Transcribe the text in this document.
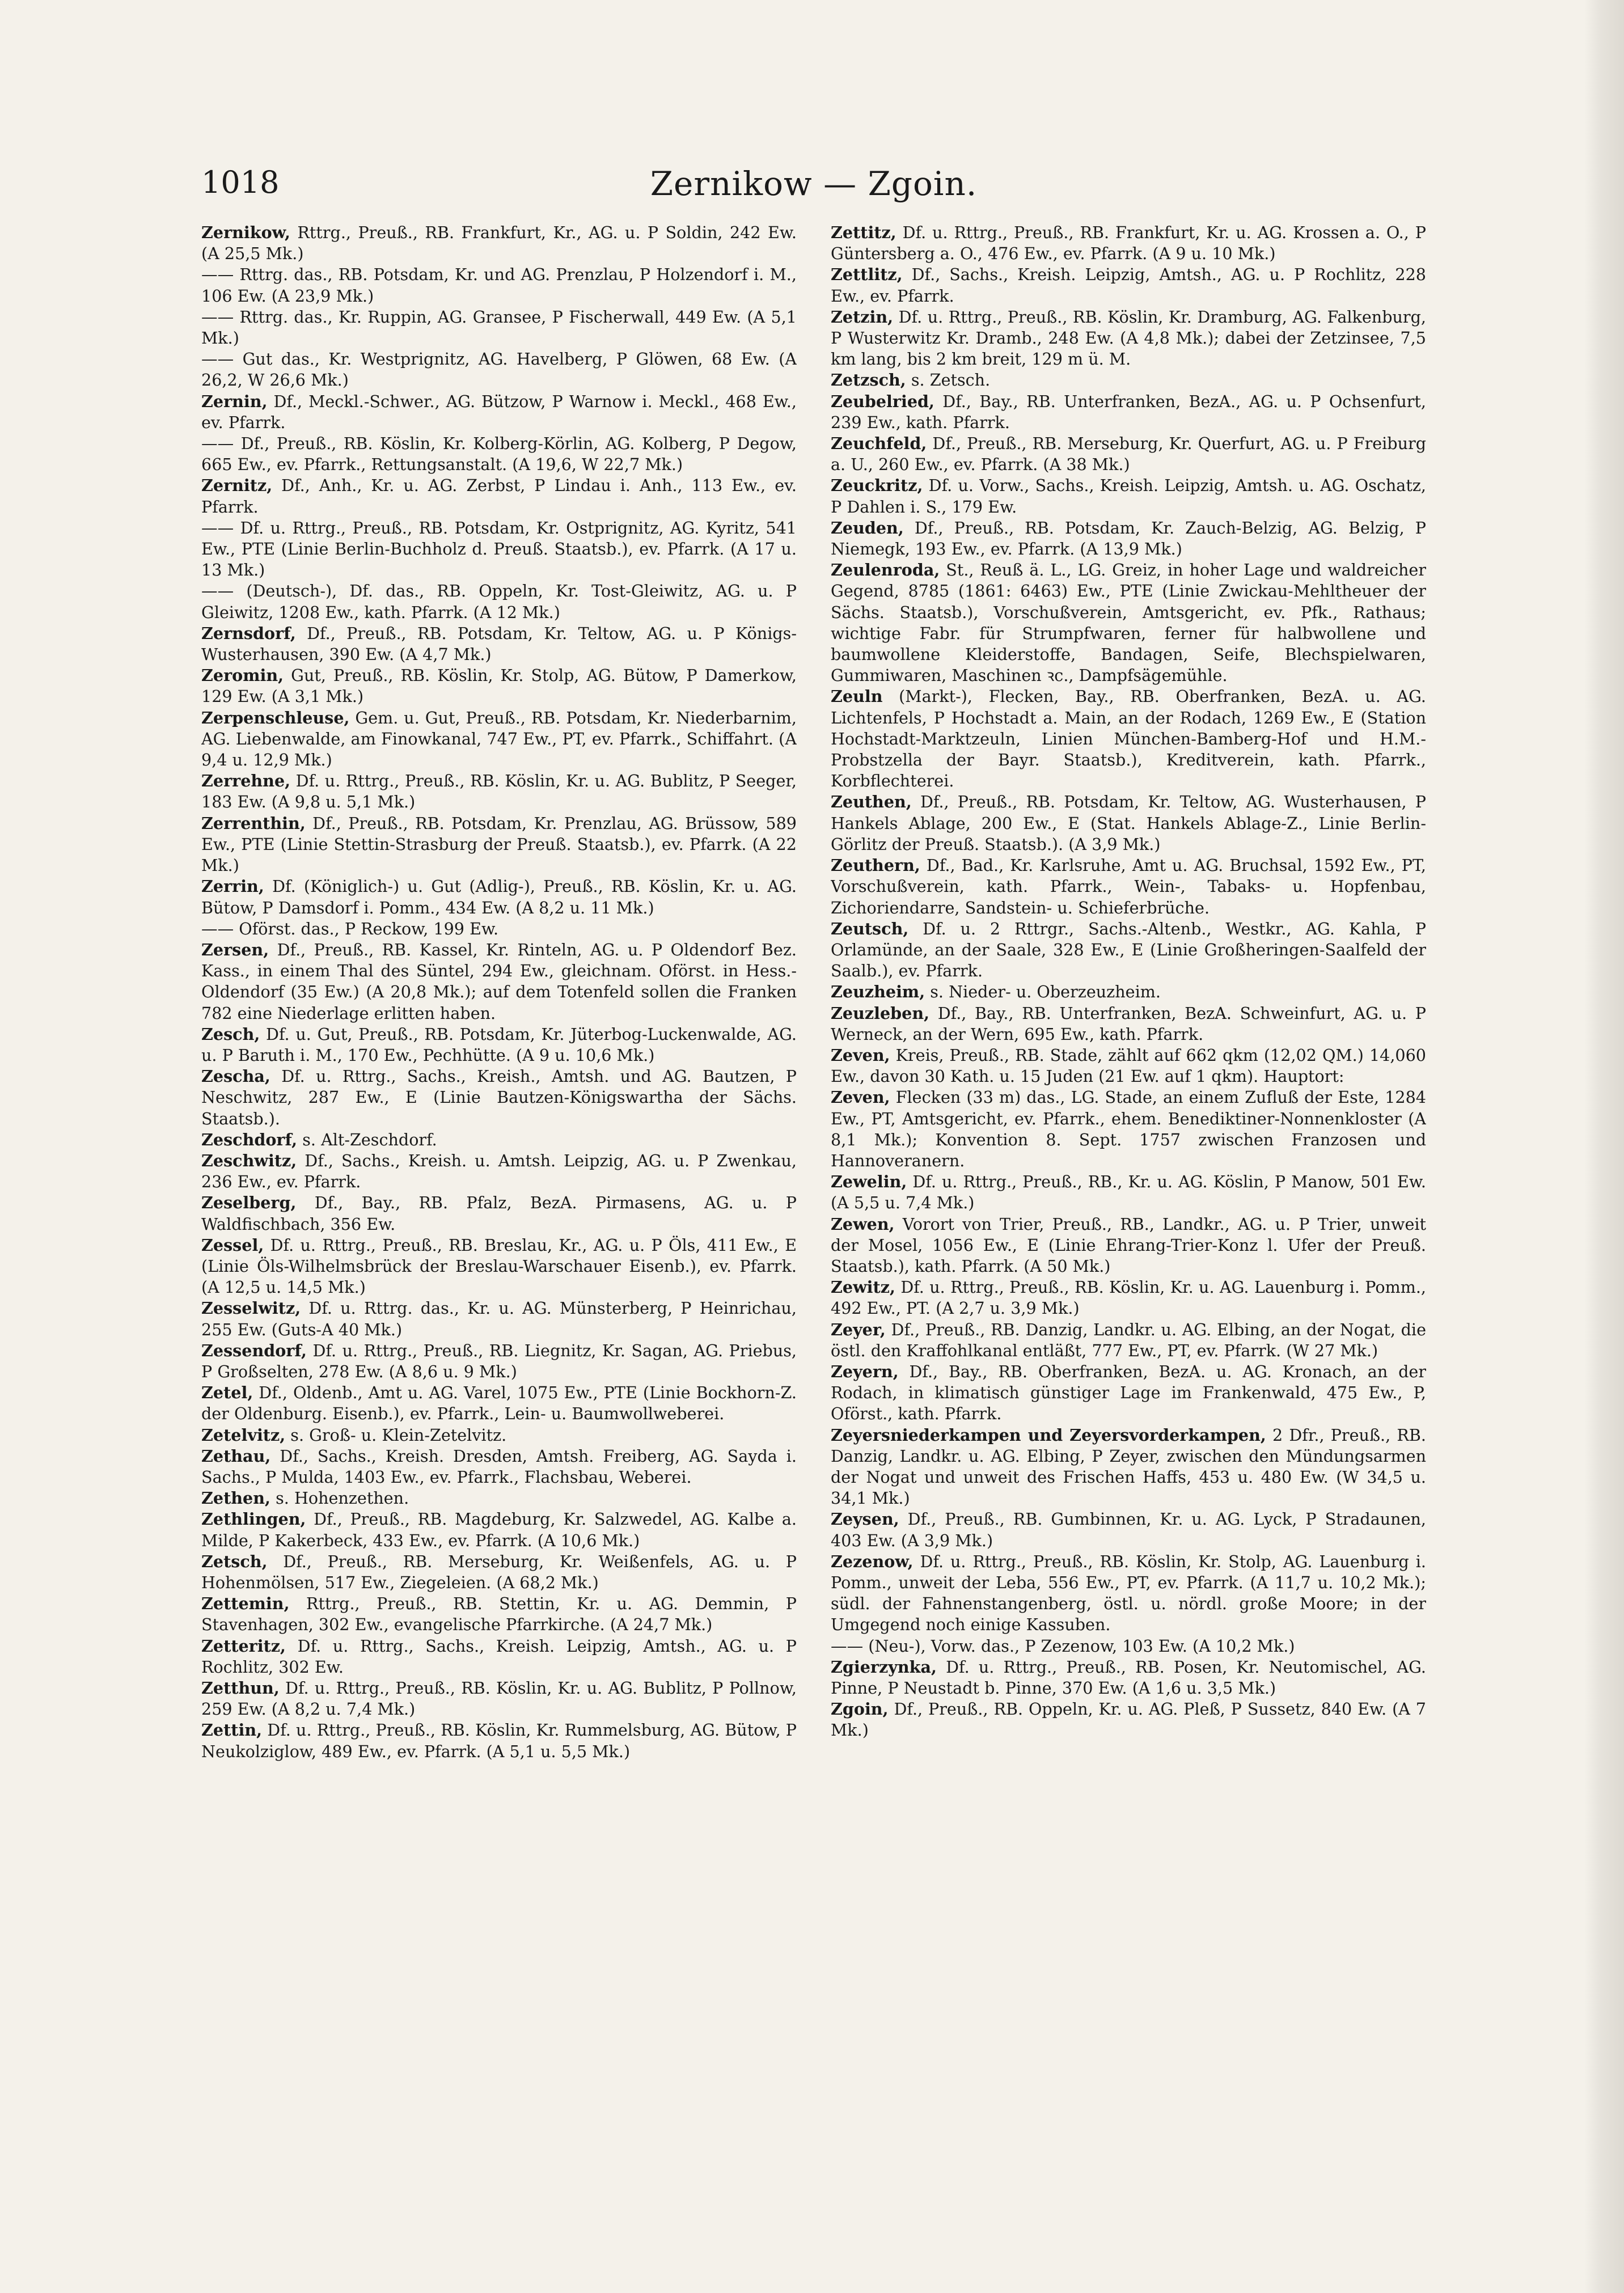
1018	Zernikow — Zgoin.

Zernikow, Rttrg., Preuß., RB. Frankfurt, Kr., AG. u. P Soldin, 242 Ew. (A 25,5 Mk.)

—— Rttrg. das., RB. Potsdam, Kr. und AG. Prenzlau, P Holzendorf i. M., 106 Ew. (A 23,9 Mk.)

—— Rttrg. das., Kr. Ruppin, AG. Gransee, P Fischerwall, 449 Ew. (A 5,1 Mk.)

—— Gut das., Kr. Westprignitz, AG. Havelberg, P Glöwen, 68 Ew. (A 26,2, W 26,6 Mk.)

Zernin, Df., Meckl.-Schwer., AG. Bützow, P Warnow i. Meckl., 468 Ew., ev. Pfarrk.

—— Df., Preuß., RB. Köslin, Kr. Kolberg-Körlin, AG. Kolberg, P Degow, 665 Ew., ev. Pfarrk., Rettungsanstalt. (A 19,6, W 22,7 Mk.)

Zernitz, Df., Anh., Kr. u. AG. Zerbst, P Lindau i. Anh., 113 Ew., ev. Pfarrk.

—— Df. u. Rttrg., Preuß., RB. Potsdam, Kr. Ostprignitz, AG. Kyritz, 541 Ew., PTE (Linie Berlin-Buchholz d. Preuß. Staatsb.), ev. Pfarrk. (A 17 u. 13 Mk.)

—— (Deutsch-), Df. das., RB. Oppeln, Kr. Tost-Gleiwitz, AG. u. P Gleiwitz, 1208 Ew., kath. Pfarrk. (A 12 Mk.)

Zernsdorf, Df., Preuß., RB. Potsdam, Kr. Teltow, AG. u. P Königs-Wusterhausen, 390 Ew. (A 4,7 Mk.)

Zeromin, Gut, Preuß., RB. Köslin, Kr. Stolp, AG. Bütow, P Damerkow, 129 Ew. (A 3,1 Mk.)

Zerpenschleuse, Gem. u. Gut, Preuß., RB. Potsdam, Kr. Niederbarnim, AG. Liebenwalde, am Finowkanal, 747 Ew., PT, ev. Pfarrk., Schiffahrt. (A 9,4 u. 12,9 Mk.)

Zerrehne, Df. u. Rttrg., Preuß., RB. Köslin, Kr. u. AG. Bublitz, P Seeger, 183 Ew. (A 9,8 u. 5,1 Mk.)

Zerrenthin, Df., Preuß., RB. Potsdam, Kr. Prenzlau, AG. Brüssow, 589 Ew., PTE (Linie Stettin-Strasburg der Preuß. Staatsb.), ev. Pfarrk. (A 22 Mk.)

Zerrin, Df. (Königlich-) u. Gut (Adlig-), Preuß., RB. Köslin, Kr. u. AG. Bütow, P Damsdorf i. Pomm., 434 Ew. (A 8,2 u. 11 Mk.)

—— Oförst. das., P Reckow, 199 Ew.

Zersen, Df., Preuß., RB. Kassel, Kr. Rinteln, AG. u. P Oldendorf Bez. Kass., in einem Thal des Süntel, 294 Ew., gleichnam. Oförst. in Hess.-Oldendorf (35 Ew.) (A 20,8 Mk.); auf dem Totenfeld sollen die Franken 782 eine Niederlage erlitten haben.

Zesch, Df. u. Gut, Preuß., RB. Potsdam, Kr. Jüterbog-Luckenwalde, AG. u. P Baruth i. M., 170 Ew., Pechhütte. (A 9 u. 10,6 Mk.)

Zescha, Df. u. Rttrg., Sachs., Kreish., Amtsh. und AG. Bautzen, P Neschwitz, 287 Ew., E (Linie Bautzen-Königswartha der Sächs. Staatsb.).

Zeschdorf, s. Alt-Zeschdorf.

Zeschwitz, Df., Sachs., Kreish. u. Amtsh. Leipzig, AG. u. P Zwenkau, 236 Ew., ev. Pfarrk.

Zeselberg, Df., Bay., RB. Pfalz, BezA. Pirmasens, AG. u. P Waldfischbach, 356 Ew.

Zessel, Df. u. Rttrg., Preuß., RB. Breslau, Kr., AG. u. P Öls, 411 Ew., E (Linie Öls-Wilhelmsbrück der Breslau-Warschauer Eisenb.), ev. Pfarrk. (A 12,5 u. 14,5 Mk.)

Zesselwitz, Df. u. Rttrg. das., Kr. u. AG. Münsterberg, P Heinrichau, 255 Ew. (Guts-A 40 Mk.)

Zessendorf, Df. u. Rttrg., Preuß., RB. Liegnitz, Kr. Sagan, AG. Priebus, P Großselten, 278 Ew. (A 8,6 u. 9 Mk.)

Zetel, Df., Oldenb., Amt u. AG. Varel, 1075 Ew., PTE (Linie Bockhorn-Z. der Oldenburg. Eisenb.), ev. Pfarrk., Lein- u. Baumwollweberei.

Zetelvitz, s. Groß- u. Klein-Zetelvitz.

Zethau, Df., Sachs., Kreish. Dresden, Amtsh. Freiberg, AG. Sayda i. Sachs., P Mulda, 1403 Ew., ev. Pfarrk., Flachsbau, Weberei.

Zethen, s. Hohenzethen.

Zethlingen, Df., Preuß., RB. Magdeburg, Kr. Salzwedel, AG. Kalbe a. Milde, P Kakerbeck, 433 Ew., ev. Pfarrk. (A 10,6 Mk.)

Zetsch, Df., Preuß., RB. Merseburg, Kr. Weißenfels, AG. u. P Hohenmölsen, 517 Ew., Ziegeleien. (A 68,2 Mk.)

Zettemin, Rttrg., Preuß., RB. Stettin, Kr. u. AG. Demmin, P Stavenhagen, 302 Ew., evangelische Pfarrkirche. (A 24,7 Mk.)

Zetteritz, Df. u. Rttrg., Sachs., Kreish. Leipzig, Amtsh., AG. u. P Rochlitz, 302 Ew.

Zetthun, Df. u. Rttrg., Preuß., RB. Köslin, Kr. u. AG. Bublitz, P Pollnow, 259 Ew. (A 8,2 u. 7,4 Mk.)

Zettin, Df. u. Rttrg., Preuß., RB. Köslin, Kr. Rummelsburg, AG. Bütow, P Neukolziglow, 489 Ew., ev. Pfarrk. (A 5,1 u. 5,5 Mk.)

Zettitz, Df. u. Rttrg., Preuß., RB. Frankfurt, Kr. u. AG. Krossen a. O., P Güntersberg a. O., 476 Ew., ev. Pfarrk. (A 9 u. 10 Mk.)

Zettlitz, Df., Sachs., Kreish. Leipzig, Amtsh., AG. u. P Rochlitz, 228 Ew., ev. Pfarrk.

Zetzin, Df. u. Rttrg., Preuß., RB. Köslin, Kr. Dramburg, AG. Falkenburg, P Wusterwitz Kr. Dramb., 248 Ew. (A 4,8 Mk.); dabei der Zetzinsee, 7,5 km lang, bis 2 km breit, 129 m ü. M.

Zetzsch, s. Zetsch.

Zeubelried, Df., Bay., RB. Unterfranken, BezA., AG. u. P Ochsenfurt, 239 Ew., kath. Pfarrk.

Zeuchfeld, Df., Preuß., RB. Merseburg, Kr. Querfurt, AG. u. P Freiburg a. U., 260 Ew., ev. Pfarrk. (A 38 Mk.)

Zeuckritz, Df. u. Vorw., Sachs., Kreish. Leipzig, Amtsh. u. AG. Oschatz, P Dahlen i. S., 179 Ew.

Zeuden, Df., Preuß., RB. Potsdam, Kr. Zauch-Belzig, AG. Belzig, P Niemegk, 193 Ew., ev. Pfarrk. (A 13,9 Mk.)

Zeulenroda, St., Reuß ä. L., LG. Greiz, in hoher Lage und waldreicher Gegend, 8785 (1861: 6463) Ew., PTE (Linie Zwickau-Mehltheuer der Sächs. Staatsb.), Vorschußverein, Amtsgericht, ev. Pfk., Rathaus; wichtige Fabr. für Strumpfwaren, ferner für halbwollene und baumwollene Kleiderstoffe, Bandagen, Seife, Blechspielwaren, Gummiwaren, Maschinen ꝛc., Dampfsägemühle.

Zeuln (Markt-), Flecken, Bay., RB. Oberfranken, BezA. u. AG. Lichtenfels, P Hochstadt a. Main, an der Rodach, 1269 Ew., E (Station Hochstadt-Marktzeuln, Linien München-Bamberg-Hof und H.M.-Probstzella der Bayr. Staatsb.), Kreditverein, kath. Pfarrk., Korbflechterei.

Zeuthen, Df., Preuß., RB. Potsdam, Kr. Teltow, AG. Wusterhausen, P Hankels Ablage, 200 Ew., E (Stat. Hankels Ablage-Z., Linie Berlin-Görlitz der Preuß. Staatsb.). (A 3,9 Mk.)

Zeuthern, Df., Bad., Kr. Karlsruhe, Amt u. AG. Bruchsal, 1592 Ew., PT, Vorschußverein, kath. Pfarrk., Wein-, Tabaks- u. Hopfenbau, Zichoriendarre, Sandstein- u. Schieferbrüche.

Zeutsch, Df. u. 2 Rttrgr., Sachs.-Altenb., Westkr., AG. Kahla, P Orlamünde, an der Saale, 328 Ew., E (Linie Großheringen-Saalfeld der Saalb.), ev. Pfarrk.

Zeuzheim, s. Nieder- u. Oberzeuzheim.

Zeuzleben, Df., Bay., RB. Unterfranken, BezA. Schweinfurt, AG. u. P Werneck, an der Wern, 695 Ew., kath. Pfarrk.

Zeven, Kreis, Preuß., RB. Stade, zählt auf 662 qkm (12,02 QM.) 14,060 Ew., davon 30 Kath. u. 15 Juden (21 Ew. auf 1 qkm). Hauptort:

Zeven, Flecken (33 m) das., LG. Stade, an einem Zufluß der Este, 1284 Ew., PT, Amtsgericht, ev. Pfarrk., ehem. Benediktiner-Nonnenkloster (A 8,1 Mk.); Konvention 8. Sept. 1757 zwischen Franzosen und Hannoveranern.

Zewelin, Df. u. Rttrg., Preuß., RB., Kr. u. AG. Köslin, P Manow, 501 Ew. (A 5,5 u. 7,4 Mk.)

Zewen, Vorort von Trier, Preuß., RB., Landkr., AG. u. P Trier, unweit der Mosel, 1056 Ew., E (Linie Ehrang-Trier-Konz l. Ufer der Preuß. Staatsb.), kath. Pfarrk. (A 50 Mk.)

Zewitz, Df. u. Rttrg., Preuß., RB. Köslin, Kr. u. AG. Lauenburg i. Pomm., 492 Ew., PT. (A 2,7 u. 3,9 Mk.)

Zeyer, Df., Preuß., RB. Danzig, Landkr. u. AG. Elbing, an der Nogat, die östl. den Kraffohlkanal entläßt, 777 Ew., PT, ev. Pfarrk. (W 27 Mk.)

Zeyern, Df., Bay., RB. Oberfranken, BezA. u. AG. Kronach, an der Rodach, in klimatisch günstiger Lage im Frankenwald, 475 Ew., P, Oförst., kath. Pfarrk.

Zeyersniederkampen und Zeyersvorderkampen, 2 Dfr., Preuß., RB. Danzig, Landkr. u. AG. Elbing, P Zeyer, zwischen den Mündungsarmen der Nogat und unweit des Frischen Haffs, 453 u. 480 Ew. (W 34,5 u. 34,1 Mk.)

Zeysen, Df., Preuß., RB. Gumbinnen, Kr. u. AG. Lyck, P Stradaunen, 403 Ew. (A 3,9 Mk.)

Zezenow, Df. u. Rttrg., Preuß., RB. Köslin, Kr. Stolp, AG. Lauenburg i. Pomm., unweit der Leba, 556 Ew., PT, ev. Pfarrk. (A 11,7 u. 10,2 Mk.); südl. der Fahnenstangenberg, östl. u. nördl. große Moore; in der Umgegend noch einige Kassuben.

—— (Neu-), Vorw. das., P Zezenow, 103 Ew. (A 10,2 Mk.)

Zgierzynka, Df. u. Rttrg., Preuß., RB. Posen, Kr. Neutomischel, AG. Pinne, P Neustadt b. Pinne, 370 Ew. (A 1,6 u. 3,5 Mk.)

Zgoin, Df., Preuß., RB. Oppeln, Kr. u. AG. Pleß, P Sussetz, 840 Ew. (A 7 Mk.)
